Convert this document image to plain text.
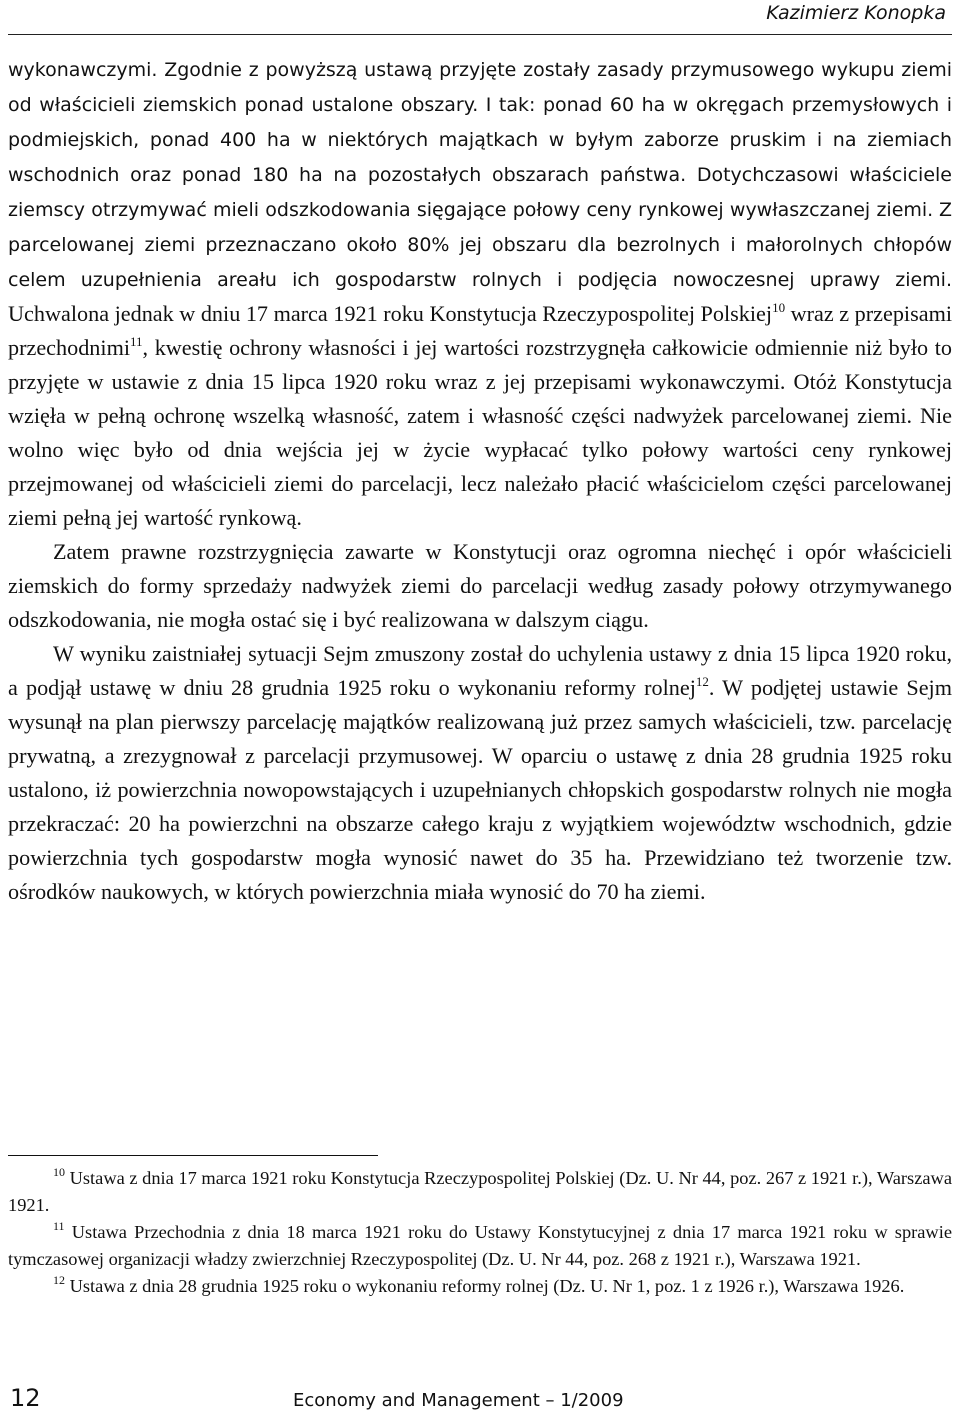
Kazimierz Konopka

wykonawczymi. Zgodnie z powyższą ustawą przyjęte zostały zasady przymusowego wykupu ziemi od właścicieli ziemskich ponad ustalone obszary. I tak: ponad 60 ha w okręgach przemysłowych i podmiejskich, ponad 400 ha w niektórych majątkach w byłym zaborze pruskim i na ziemiach wschodnich oraz ponad 180 ha na pozostałych obszarach państwa. Dotychczasowi właściciele ziemscy otrzymywać mieli odszkodowania sięgające połowy ceny rynkowej wywłaszczanej ziemi. Z parcelowanej ziemi przeznaczano około 80% jej obszaru dla bezrolnych i małorolnych chłopów celem uzupełnienia areału ich gospodarstw rolnych i podjęcia nowoczesnej uprawy ziemi. Uchwalona jednak w dniu 17 marca 1921 roku Konstytucja Rzeczypospolitej Polskiej$^{10}$ wraz z przepisami przechodnimi$^{11}$, kwestię ochrony własności i jej wartości rozstrzygnęła całkowicie odmiennie niż było to przyjęte w ustawie z dnia 15 lipca 1920 roku wraz z jej przepisami wykonawczymi. Otóż Konstytucja wzięła w pełną ochronę wszelką własność, zatem i własność części nadwyżek parcelowanej ziemi. Nie wolno więc było od dnia wejścia jej w życie wypłacać tylko połowy wartości ceny rynkowej przejmowanej od właścicieli ziemi do parcelacji, lecz należało płacić właścicielom części parcelowanej ziemi pełną jej wartość rynkową.

Zatem prawne rozstrzygnięcia zawarte w Konstytucji oraz ogromna niechęć i opór właścicieli ziemskich do formy sprzedaży nadwyżek ziemi do parcelacji według zasady połowy otrzymywanego odszkodowania, nie mogła ostać się i być realizowana w dalszym ciągu.

W wyniku zaistniałej sytuacji Sejm zmuszony został do uchylenia ustawy z dnia 15 lipca 1920 roku, a podjął ustawę w dniu 28 grudnia 1925 roku o wykonaniu reformy rolnej$^{12}$. W podjętej ustawie Sejm wysunął na plan pierwszy parcelację majątków realizowaną już przez samych właścicieli, tzw. parcelację prywatną, a zrezygnował z parcelacji przymusowej. W oparciu o ustawę z dnia 28 grudnia 1925 roku ustalono, iż powierzchnia nowopowstających i uzupełnianych chłopskich gospodarstw rolnych nie mogła przekraczać: 20 ha powierzchni na obszarze całego kraju z wyjątkiem województw wschodnich, gdzie powierzchnia tych gospodarstw mogła wynosić nawet do 35 ha. Przewidziano też tworzenie tzw. ośrodków naukowych, w których powierzchnia miała wynosić do 70 ha ziemi.

$^{10}$ Ustawa z dnia 17 marca 1921 roku Konstytucja Rzeczypospolitej Polskiej (Dz. U. Nr 44, poz. 267 z 1921 r.), Warszawa 1921.

$^{11}$ Ustawa Przechodnia z dnia 18 marca 1921 roku do Ustawy Konstytucyjnej z dnia 17 marca 1921 roku w sprawie tymczasowej organizacji władzy zwierzchniej Rzeczypospolitej (Dz. U. Nr 44, poz. 268 z 1921 r.), Warszawa 1921.

$^{12}$ Ustawa z dnia 28 grudnia 1925 roku o wykonaniu reformy rolnej (Dz. U. Nr 1, poz. 1 z 1926 r.), Warszawa 1926.

12	Economy and Management – 1/2009
